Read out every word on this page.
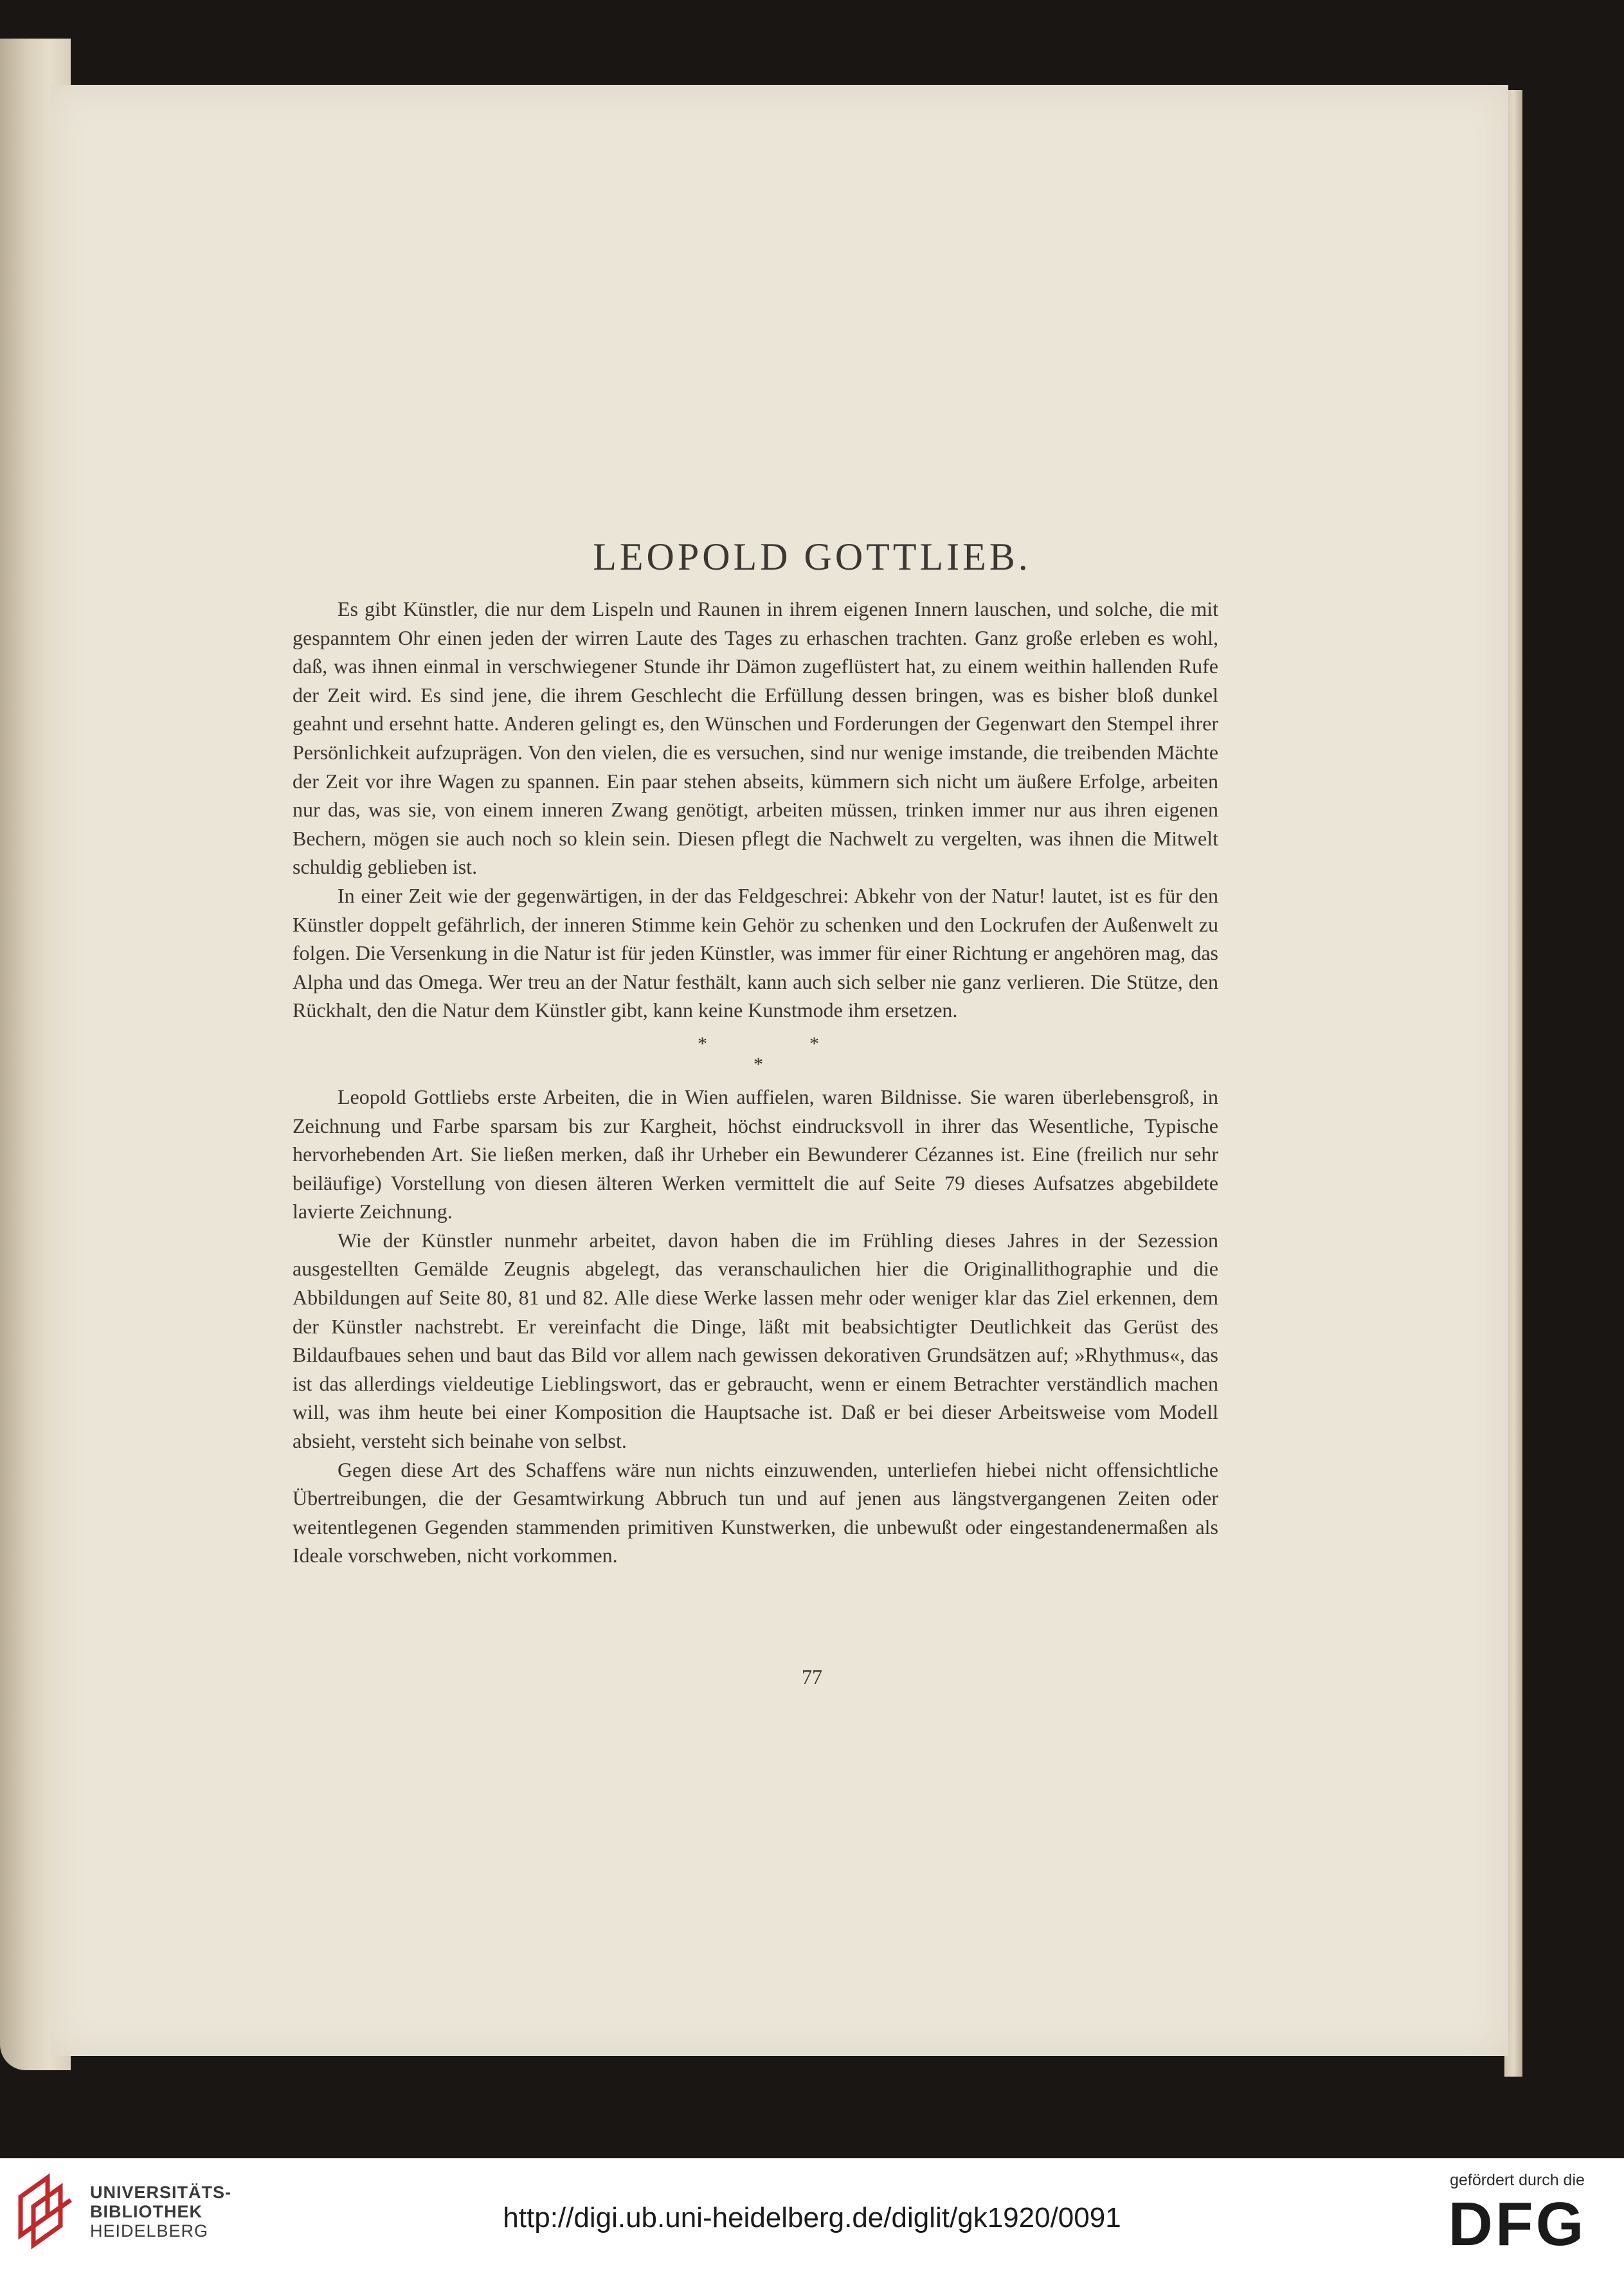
LEOPOLD GOTTLIEB.

Es gibt Künstler, die nur dem Lispeln und Raunen in ihrem eigenen Innern lauschen, und solche, die mit gespanntem Ohr einen jeden der wirren Laute des Tages zu erhaschen trachten. Ganz große erleben es wohl, daß, was ihnen einmal in verschwiegener Stunde ihr Dämon zugeflüstert hat, zu einem weithin hallenden Rufe der Zeit wird. Es sind jene, die ihrem Geschlecht die Erfüllung dessen bringen, was es bisher bloß dunkel geahnt und ersehnt hatte. Anderen gelingt es, den Wünschen und Forderungen der Gegenwart den Stempel ihrer Persönlichkeit aufzuprägen. Von den vielen, die es versuchen, sind nur wenige imstande, die treibenden Mächte der Zeit vor ihre Wagen zu spannen. Ein paar stehen abseits, kümmern sich nicht um äußere Erfolge, arbeiten nur das, was sie, von einem inneren Zwang genötigt, arbeiten müssen, trinken immer nur aus ihren eigenen Bechern, mögen sie auch noch so klein sein. Diesen pflegt die Nachwelt zu vergelten, was ihnen die Mitwelt schuldig geblieben ist.

In einer Zeit wie der gegenwärtigen, in der das Feldgeschrei: Abkehr von der Natur! lautet, ist es für den Künstler doppelt gefährlich, der inneren Stimme kein Gehör zu schenken und den Lockrufen der Außenwelt zu folgen. Die Versenkung in die Natur ist für jeden Künstler, was immer für einer Richtung er angehören mag, das Alpha und das Omega. Wer treu an der Natur festhält, kann auch sich selber nie ganz verlieren. Die Stütze, den Rückhalt, den die Natur dem Künstler gibt, kann keine Kunstmode ihm ersetzen.

*
*
*

Leopold Gottliebs erste Arbeiten, die in Wien auffielen, waren Bildnisse. Sie waren überlebensgroß, in Zeichnung und Farbe sparsam bis zur Kargheit, höchst eindrucksvoll in ihrer das Wesentliche, Typische hervorhebenden Art. Sie ließen merken, daß ihr Urheber ein Bewunderer Cézannes ist. Eine (freilich nur sehr beiläufige) Vorstellung von diesen älteren Werken vermittelt die auf Seite 79 dieses Aufsatzes abgebildete lavierte Zeichnung.

Wie der Künstler nunmehr arbeitet, davon haben die im Frühling dieses Jahres in der Sezession ausgestellten Gemälde Zeugnis abgelegt, das veranschaulichen hier die Originallithographie und die Abbildungen auf Seite 80, 81 und 82. Alle diese Werke lassen mehr oder weniger klar das Ziel erkennen, dem der Künstler nachstrebt. Er vereinfacht die Dinge, läßt mit beabsichtigter Deutlichkeit das Gerüst des Bildaufbaues sehen und baut das Bild vor allem nach gewissen dekorativen Grundsätzen auf; »Rhythmus«, das ist das allerdings vieldeutige Lieblingswort, das er gebraucht, wenn er einem Betrachter verständlich machen will, was ihm heute bei einer Komposition die Hauptsache ist. Daß er bei dieser Arbeitsweise vom Modell absieht, versteht sich beinahe von selbst.

Gegen diese Art des Schaffens wäre nun nichts einzuwenden, unterliefen hiebei nicht offensichtliche Übertreibungen, die der Gesamtwirkung Abbruch tun und auf jenen aus längstvergangenen Zeiten oder weitentlegenen Gegenden stammenden primitiven Kunstwerken, die unbewußt oder eingestandenermaßen als Ideale vorschweben, nicht vorkommen.

77
UNIVERSITÄTS-
BIBLIOTHEK
HEIDELBERG	http://digi.ub.uni-heidelberg.de/diglit/gk1920/0091
gefördert durch die
DFG
